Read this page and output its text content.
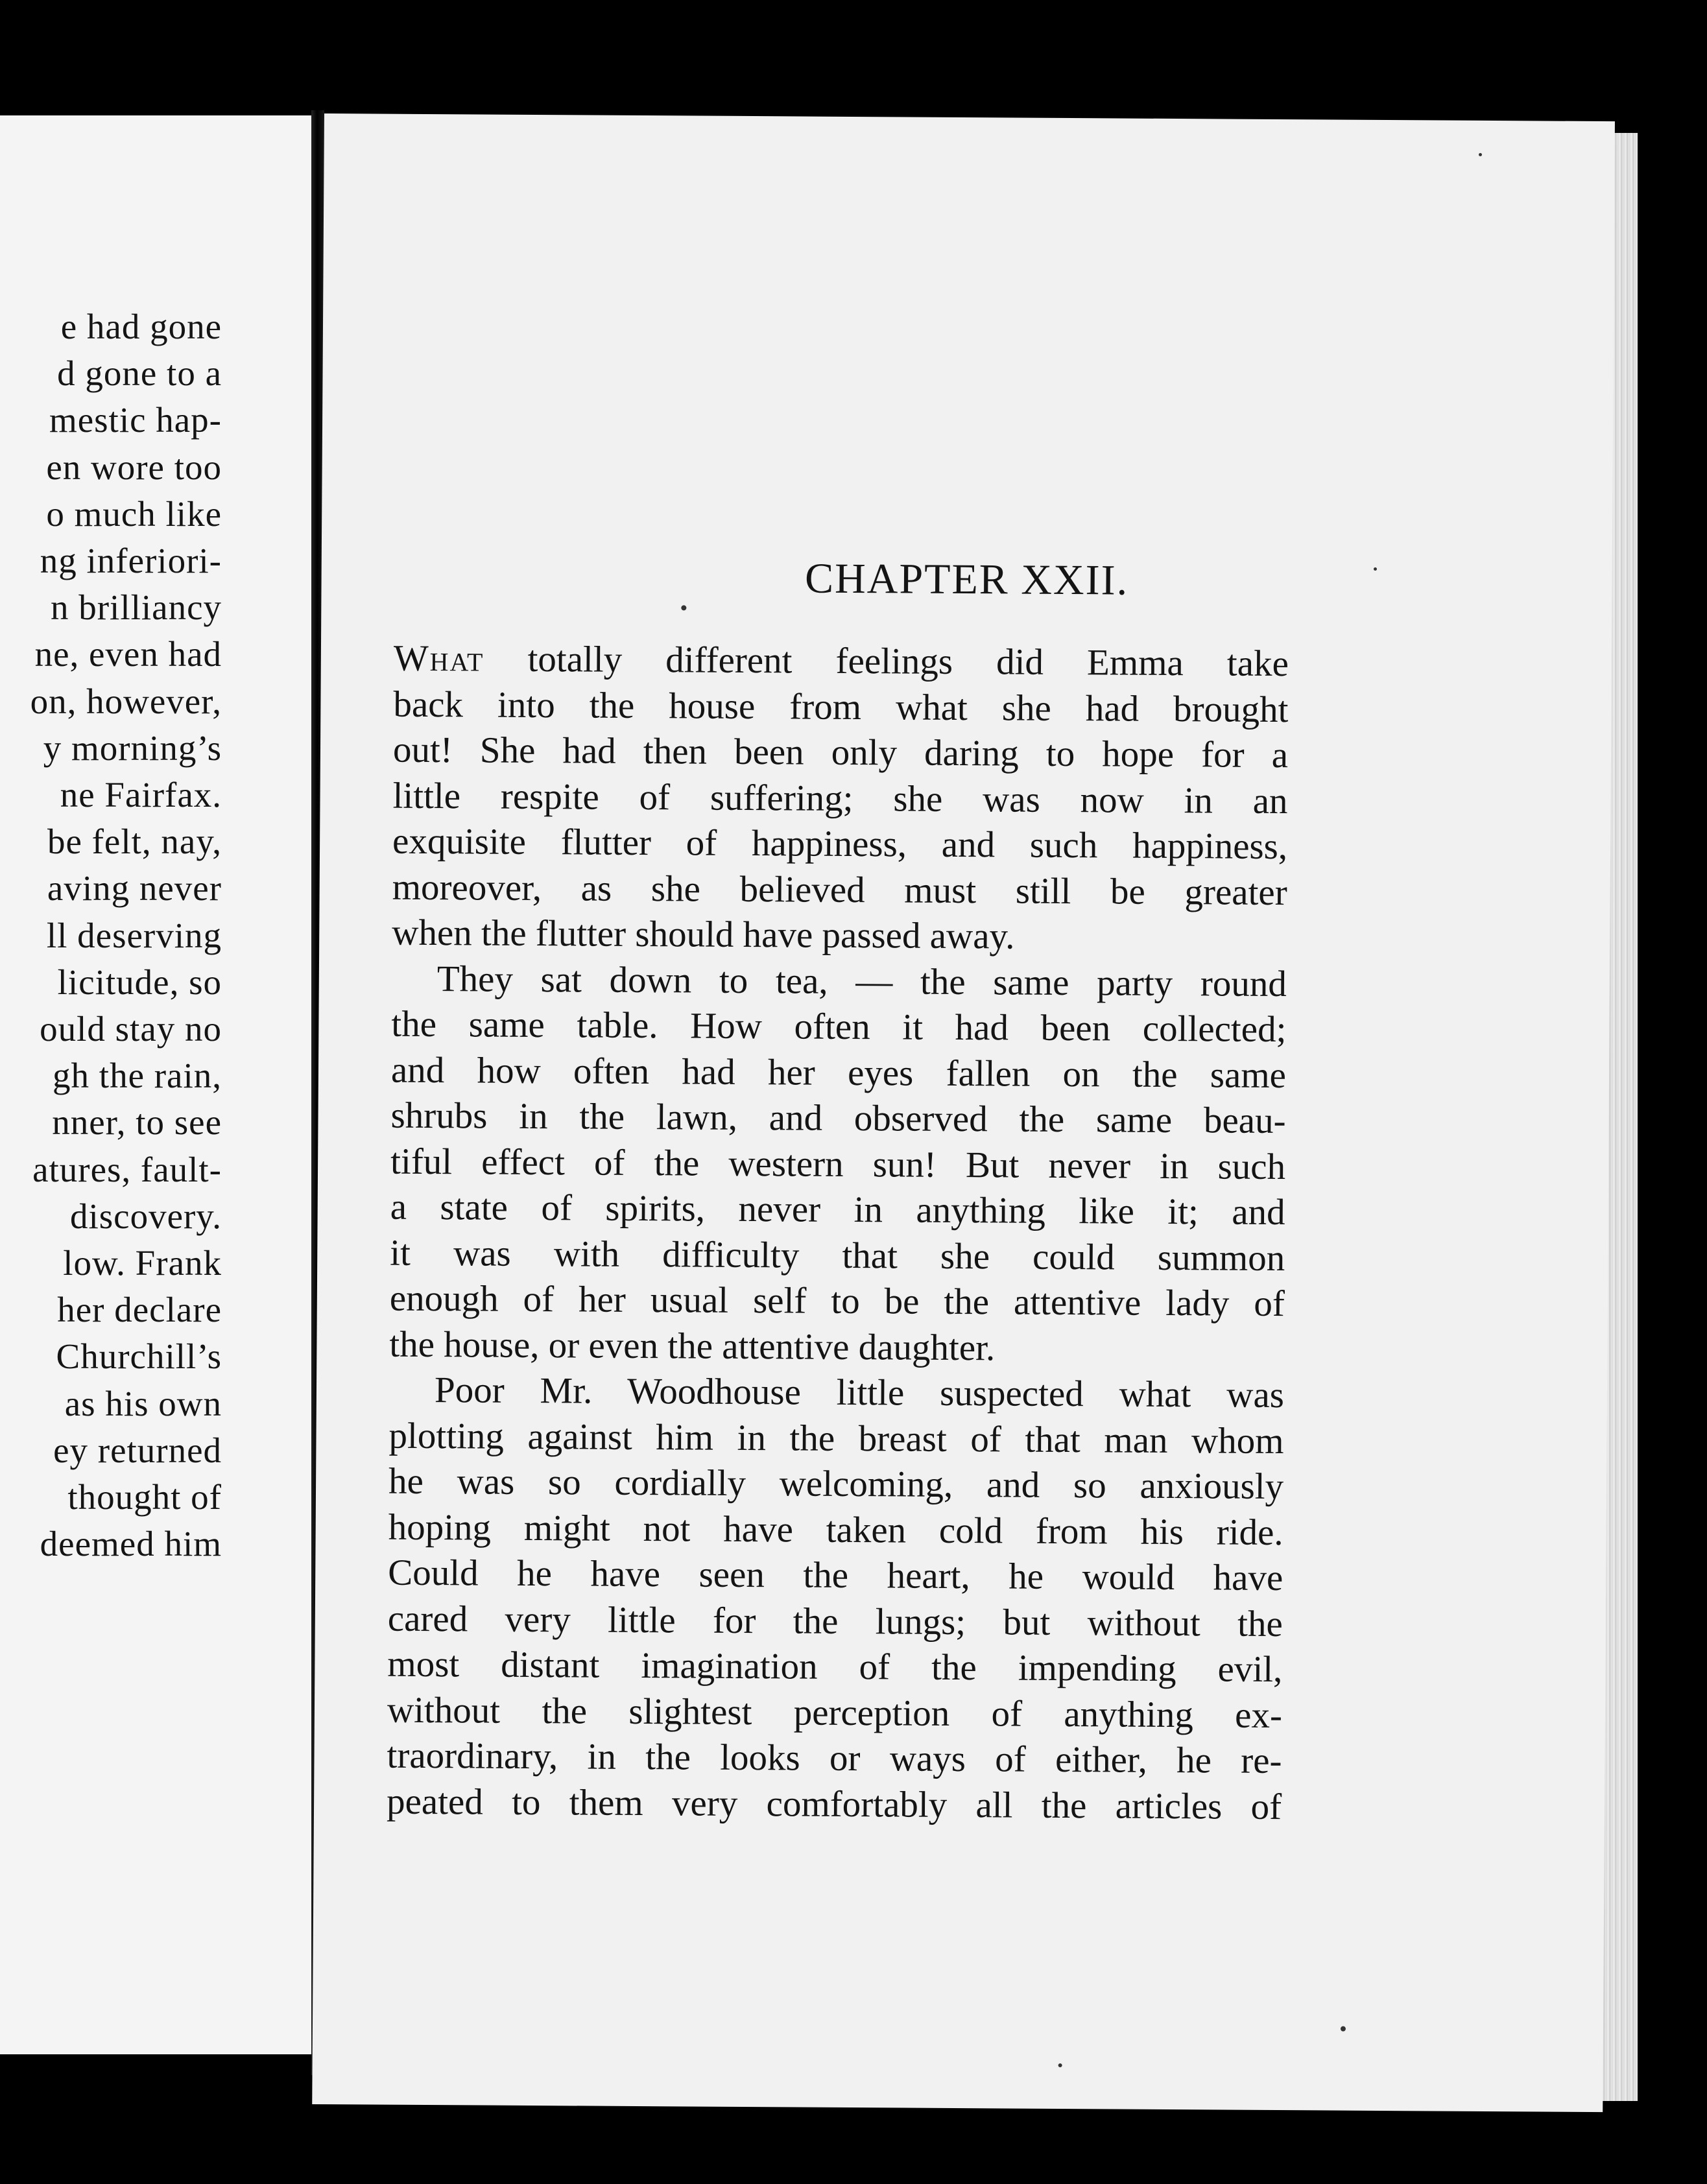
e had gone
d gone to a
mestic hap-
en wore too
o much like
ng inferiori-
n brilliancy
ne, even had
on, however,
y morning’s
ne Fairfax.
be felt, nay,
aving never
ll deserving
licitude, so
ould stay no
gh the rain,
nner, to see
atures, fault-
discovery.
low. Frank
her declare
Churchill’s
as his own
ey returned
thought of
deemed him
CHAPTER XXII.
What totally different feelings did Emma take
back into the house from what she had brought
out! She had then been only daring to hope for a
little respite of suffering; she was now in an
exquisite flutter of happiness, and such happiness,
moreover, as she believed must still be greater
when the flutter should have passed away.
They sat down to tea, — the same party round
the same table. How often it had been collected;
and how often had her eyes fallen on the same
shrubs in the lawn, and observed the same beau-
tiful effect of the western sun! But never in such
a state of spirits, never in anything like it; and
it was with difficulty that she could summon
enough of her usual self to be the attentive lady of
the house, or even the attentive daughter.
Poor Mr. Woodhouse little suspected what was
plotting against him in the breast of that man whom
he was so cordially welcoming, and so anxiously
hoping might not have taken cold from his ride.
Could he have seen the heart, he would have
cared very little for the lungs; but without the
most distant imagination of the impending evil,
without the slightest perception of anything ex-
traordinary, in the looks or ways of either, he re-
peated to them very comfortably all the articles of
